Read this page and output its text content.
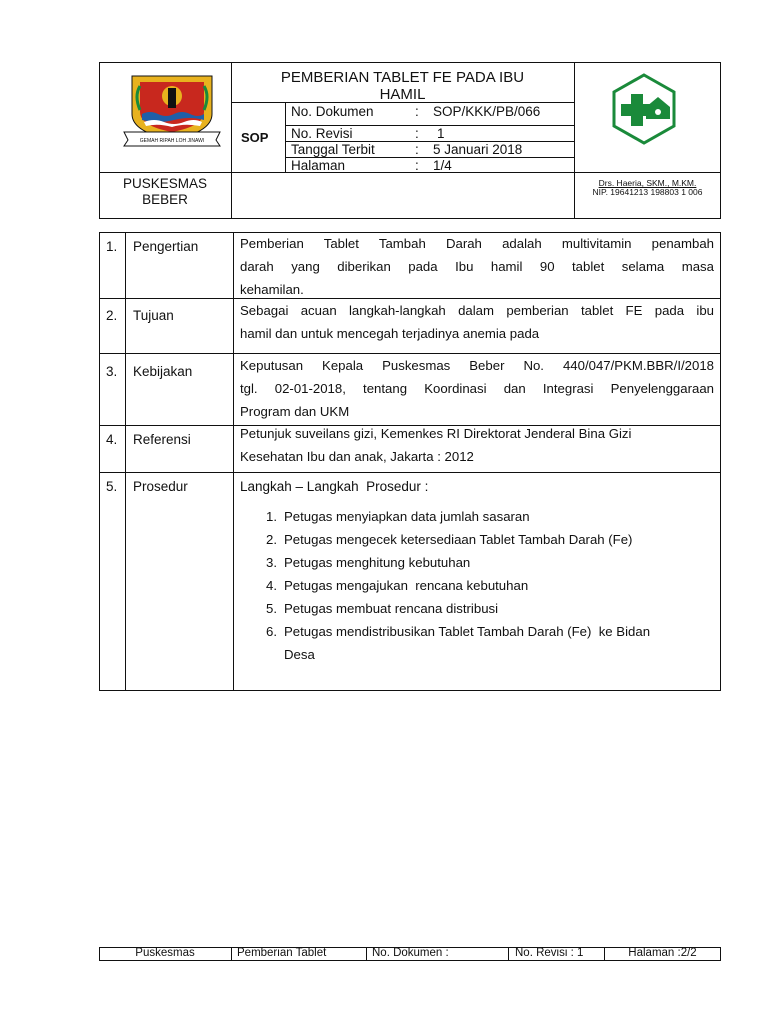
GEMAH RIPAH LOH JINAWI
PEMBERIAN TABLET FE PADA IBU
HAMIL
SOP
No. Dokumen	: SOP/KKK/PB/066
No. Revisi	: 1
Tanggal Terbit	: 5 Januari 2018
Halaman	: 1/4
PUSKESMAS
BEBER
Drs. Haeria, SKM., M.KM.
NIP. 19641213 198803 1 006
1. Pengertian	Pemberian Tablet Tambah Darah adalah multivitamin penambah
darah yang diberikan pada Ibu hamil 90 tablet selama masa
kehamilan.
2. Tujuan	Sebagai acuan langkah-langkah dalam pemberian tablet FE pada ibu
hamil dan untuk mencegah terjadinya anemia pada
3. Kebijakan	Keputusan Kepala Puskesmas Beber No. 440/047/PKM.BBR/I/2018
tgl. 02-01-2018, tentang Koordinasi dan Integrasi Penyelenggaraan
Program dan UKM
4. Referensi	Petunjuk suveilans gizi, Kemenkes RI Direktorat Jenderal Bina Gizi
Kesehatan Ibu dan anak, Jakarta : 2012
5. Prosedur	Langkah – Langkah  Prosedur :
1. Petugas menyiapkan data jumlah sasaran
2. Petugas mengecek ketersediaan Tablet Tambah Darah (Fe)
3. Petugas menghitung kebutuhan
4. Petugas mengajukan  rencana kebutuhan
5. Petugas membuat rencana distribusi
6. Petugas mendistribusikan Tablet Tambah Darah (Fe)  ke Bidan
Desa
Puskesmas	Pemberian Tablet	No. Dokumen :	No. Revisi : 1	Halaman :2/2
